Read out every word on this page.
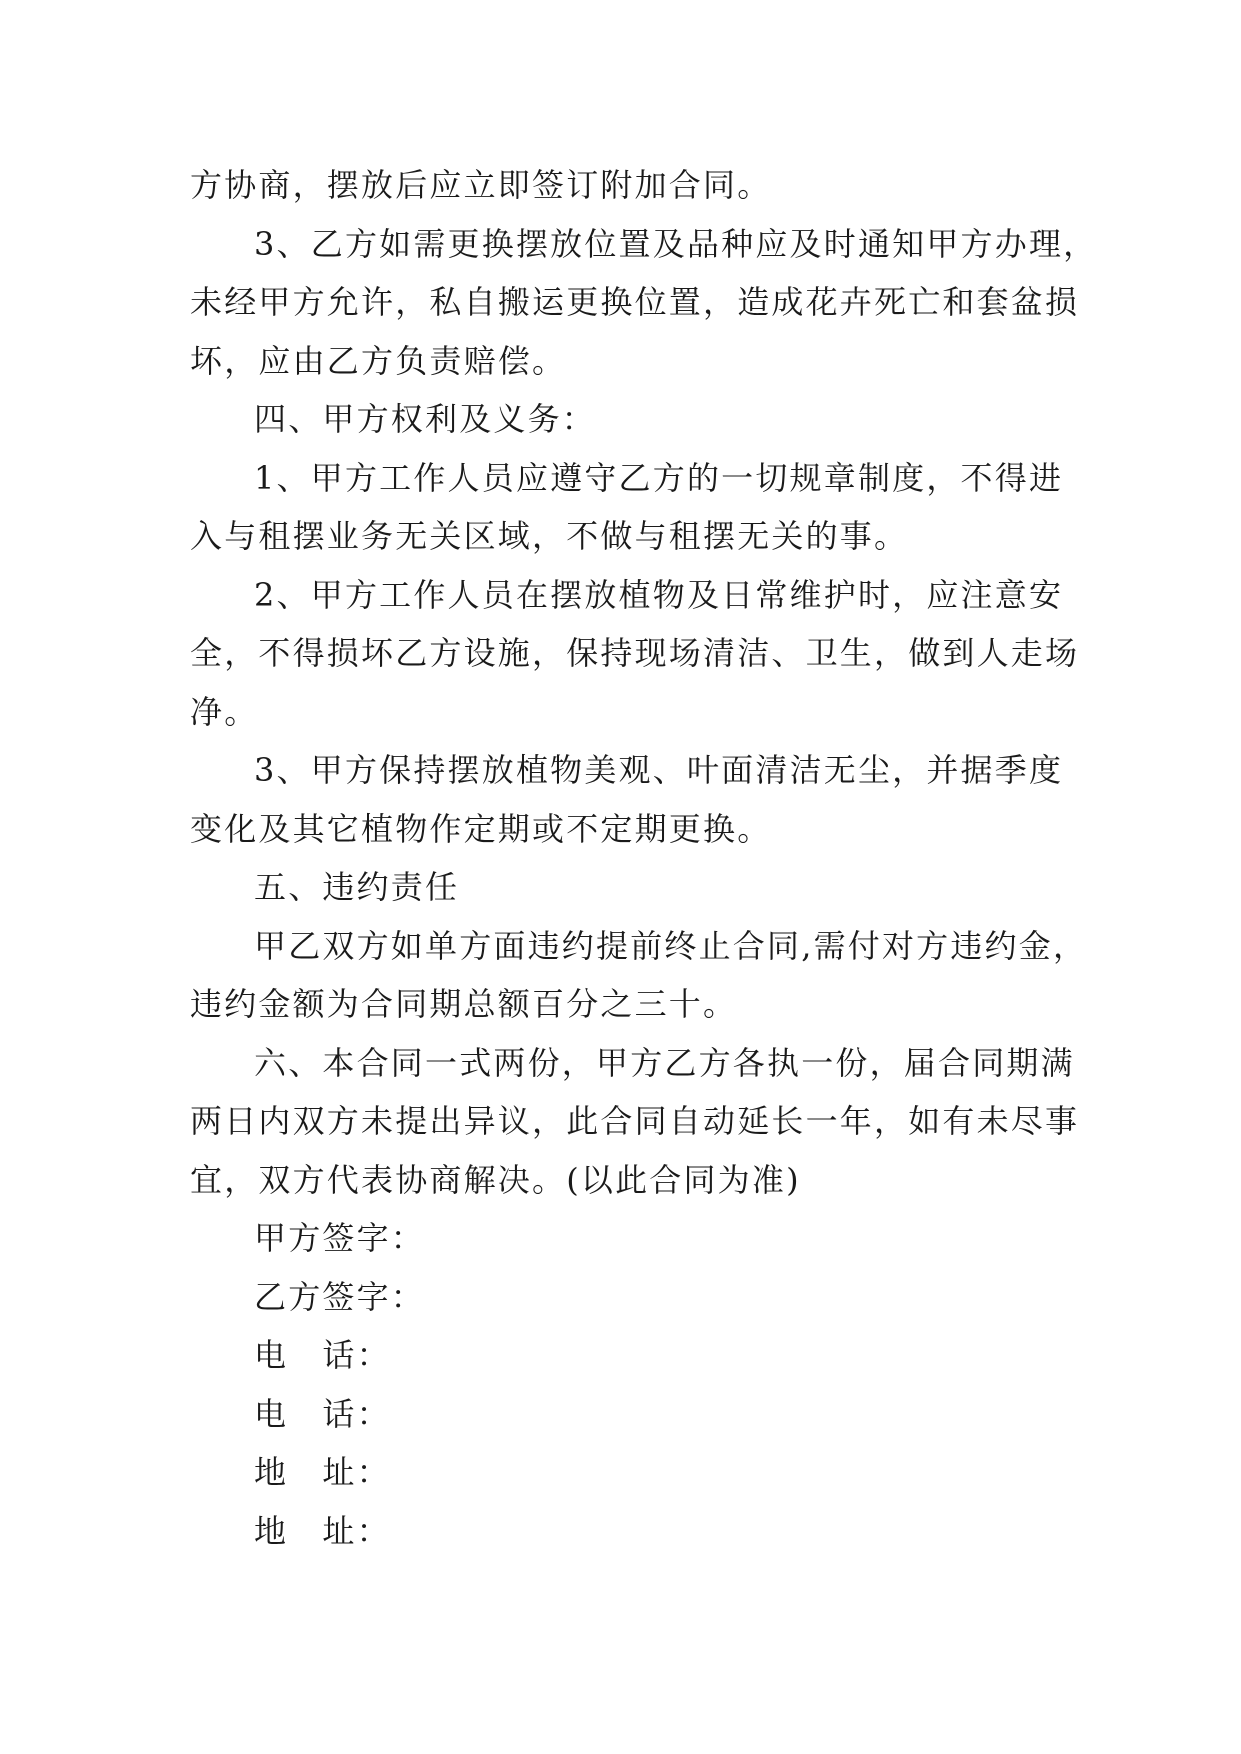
方协商，摆放后应立即签订附加合同。
3、乙方如需更换摆放位置及品种应及时通知甲方办理，
未经甲方允许，私自搬运更换位置，造成花卉死亡和套盆损
坏，应由乙方负责赔偿。
四、甲方权利及义务：
1、甲方工作人员应遵守乙方的一切规章制度，不得进
入与租摆业务无关区域，不做与租摆无关的事。
2、甲方工作人员在摆放植物及日常维护时，应注意安
全，不得损坏乙方设施，保持现场清洁、卫生，做到人走场
净。
3、甲方保持摆放植物美观、叶面清洁无尘，并据季度
变化及其它植物作定期或不定期更换。
五、违约责任
甲乙双方如单方面违约提前终止合同,需付对方违约金，
违约金额为合同期总额百分之三十。
六、本合同一式两份，甲方乙方各执一份，届合同期满
两日内双方未提出异议，此合同自动延长一年，如有未尽事
宜，双方代表协商解决。(以此合同为准)
甲方签字：
乙方签字：
电　话：
电　话：
地　址：
地　址：
